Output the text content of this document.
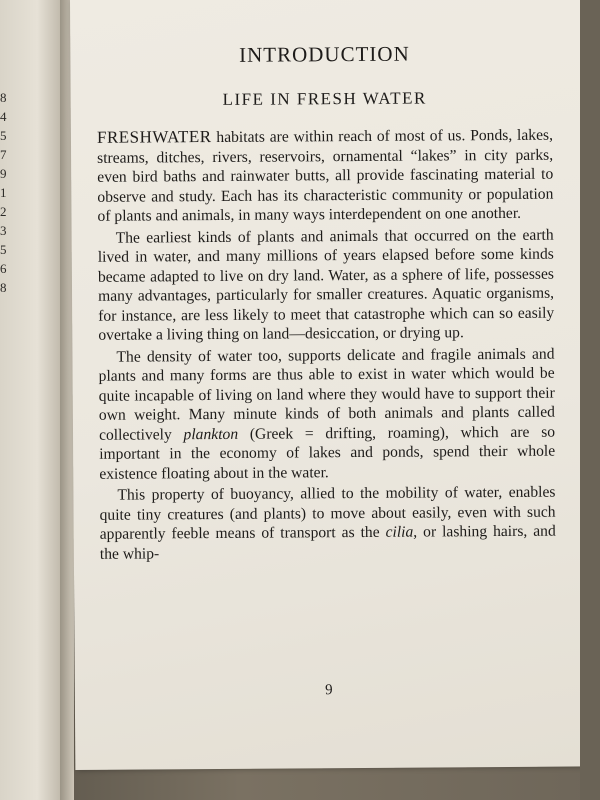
8
4
5
7
9
1
2
3
5
6
8
INTRODUCTION
LIFE IN FRESH WATER

FRESHWATER habitats are within reach of most of us. Ponds, lakes, streams, ditches, rivers, reservoirs, ornamental “lakes” in city parks, even bird baths and rainwater butts, all provide fascinating material to observe and study. Each has its characteristic community or population of plants and animals, in many ways interdependent on one another.

The earliest kinds of plants and animals that occurred on the earth lived in water, and many millions of years elapsed before some kinds became adapted to live on dry land. Water, as a sphere of life, possesses many advantages, particularly for smaller creatures. Aquatic organisms, for instance, are less likely to meet that catastrophe which can so easily overtake a living thing on land—desiccation, or drying up.

The density of water too, supports delicate and fragile animals and plants and many forms are thus able to exist in water which would be quite incapable of living on land where they would have to support their own weight. Many minute kinds of both animals and plants called collectively plankton (Greek = drifting, roaming), which are so important in the economy of lakes and ponds, spend their whole existence floating about in the water.

This property of buoyancy, allied to the mobility of water, enables quite tiny creatures (and plants) to move about easily, even with such apparently feeble means of transport as the cilia, or lashing hairs, and the whip-

9
